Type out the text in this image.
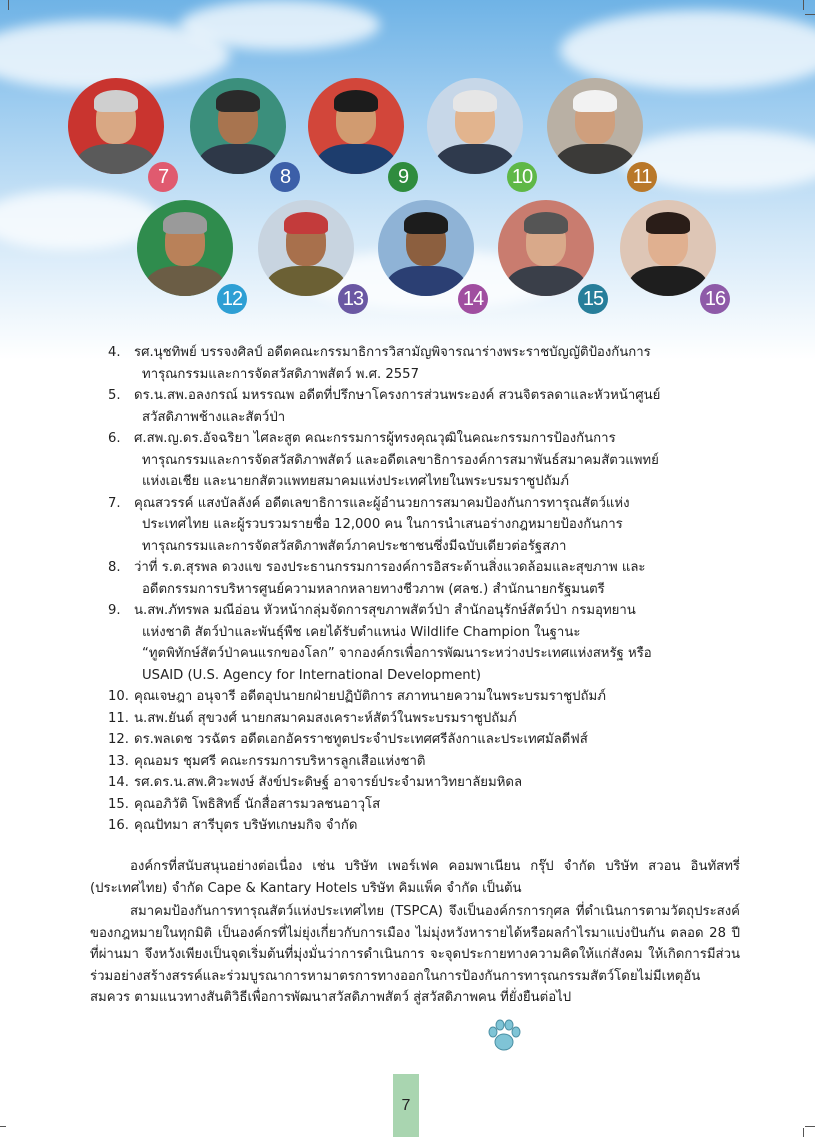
7	8	9	10	11
12	13	14	15	16
4. รศ.นุชทิพย์ บรรจงศิลป์ อดีตคณะกรรมาธิการวิสามัญพิจารณาร่างพระราชบัญญัติป้องกันการ
ทารุณกรรมและการจัดสวัสดิภาพสัตว์ พ.ศ. 2557
5. ดร.น.สพ.อลงกรณ์ มหรรณพ อดีตที่ปรึกษาโครงการส่วนพระองค์ สวนจิตรลดาและหัวหน้าศูนย์
สวัสดิภาพช้างและสัตว์ป่า
6. ศ.สพ.ญ.ดร.อัจฉริยา ไศละสูต คณะกรรมการผู้ทรงคุณวุฒิในคณะกรรมการป้องกันการ
ทารุณกรรมและการจัดสวัสดิภาพสัตว์ และอดีตเลขาธิการองค์การสมาพันธ์สมาคมสัตวแพทย์
แห่งเอเชีย และนายกสัตวแพทยสมาคมแห่งประเทศไทยในพระบรมราชูปถัมภ์
7. คุณสวรรค์ แสงบัลลังค์ อดีตเลขาธิการและผู้อำนวยการสมาคมป้องกันการทารุณสัตว์แห่ง
ประเทศไทย และผู้รวบรวมรายชื่อ 12,000 คน ในการนำเสนอร่างกฎหมายป้องกันการ
ทารุณกรรมและการจัดสวัสดิภาพสัตว์ภาคประชาชนซึ่งมีฉบับเดียวต่อรัฐสภา
8. ว่าที่ ร.ต.สุรพล ดวงแข รองประธานกรรมการองค์การอิสระด้านสิ่งแวดล้อมและสุขภาพ และ
อดีตกรรมการบริหารศูนย์ความหลากหลายทางชีวภาพ (ศลช.) สำนักนายกรัฐมนตรี
9. น.สพ.ภัทรพล มณีอ่อน หัวหน้ากลุ่มจัดการสุขภาพสัตว์ป่า สำนักอนุรักษ์สัตว์ป่า กรมอุทยาน
แห่งชาติ สัตว์ป่าและพันธุ์พืช เคยได้รับตำแหน่ง Wildlife Champion ในฐานะ
“ทูตพิทักษ์สัตว์ป่าคนแรกของโลก” จากองค์กรเพื่อการพัฒนาระหว่างประเทศแห่งสหรัฐ หรือ
USAID (U.S. Agency for International Development)
10. คุณเจษฎา อนุจารี อดีตอุปนายกฝ่ายปฏิบัติการ สภาทนายความในพระบรมราชูปถัมภ์
11. น.สพ.ยันต์ สุขวงศ์ นายกสมาคมสงเคราะห์สัตว์ในพระบรมราชูปถัมภ์
12. ดร.พลเดช วรฉัตร อดีตเอกอัครราชทูตประจำประเทศศรีลังกาและประเทศมัลดีฟส์
13. คุณอมร ชุมศรี คณะกรรมการบริหารลูกเสือแห่งชาติ
14. รศ.ดร.น.สพ.ศิวะพงษ์ สังข์ประดิษฐ์ อาจารย์ประจำมหาวิทยาลัยมหิดล
15. คุณอภิวัติ โพธิสิทธิ์ นักสื่อสารมวลชนอาวุโส
16. คุณปัทมา สารีบุตร บริษัทเกษมกิจ จำกัด

องค์กรที่สนับสนุนอย่างต่อเนื่อง เช่น บริษัท เพอร์เฟค คอมพาเนียน กรุ๊ป จำกัด บริษัท สวอน อินทัสทรี่ (ประเทศไทย) จำกัด Cape & Kantary Hotels บริษัท คิมแพ็ค จำกัด เป็นต้น

สมาคมป้องกันการทารุณสัตว์แห่งประเทศไทย (TSPCA) จึงเป็นองค์กรการกุศล ที่ดำเนินการตามวัตถุประสงค์ของกฎหมายในทุกมิติ เป็นองค์กรที่ไม่ยุ่งเกี่ยวกับการเมือง ไม่มุ่งหวังหารายได้หรือผลกำไรมาแบ่งปันกัน ตลอด 28 ปีที่ผ่านมา จึงหวังเพียงเป็นจุดเริ่มต้นที่มุ่งมั่นว่าการดำเนินการ จะจุดประกายทางความคิดให้แก่สังคม ให้เกิดการมีส่วนร่วมอย่างสร้างสรรค์และร่วมบูรณาการหามาตรการทางออกในการป้องกันการทารุณกรรมสัตว์โดยไม่มีเหตุอันสมควร ตามแนวทางสันติวิธีเพื่อการพัฒนาสวัสดิภาพสัตว์ สู่สวัสดิภาพคน ที่ยั่งยืนต่อไป

7
